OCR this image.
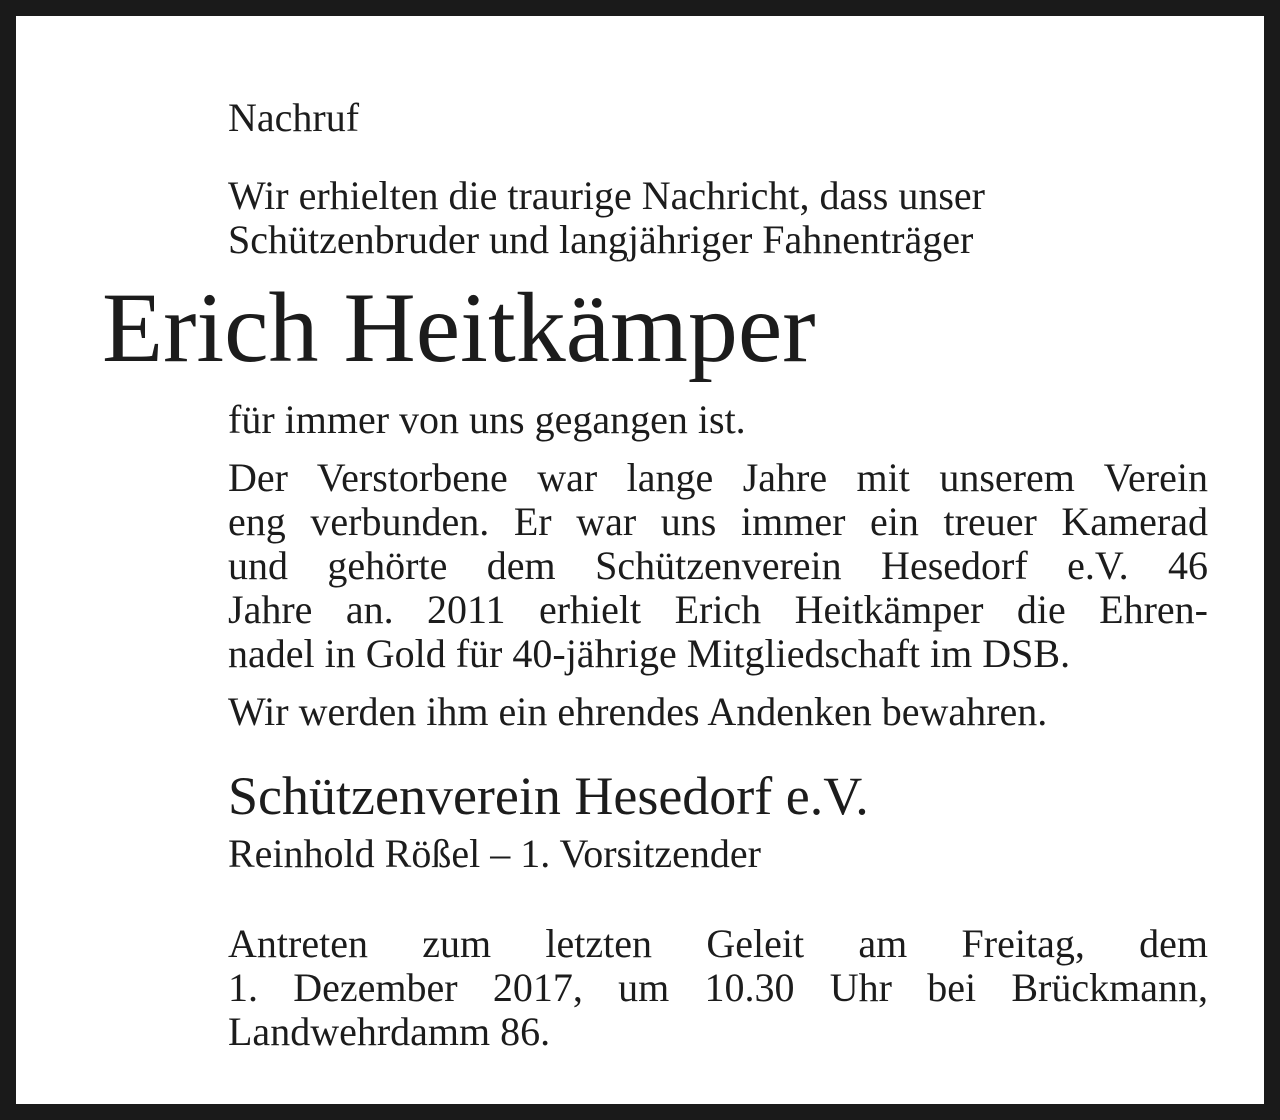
Nachruf

Wir erhielten die traurige Nachricht, dass unser
Schützenbruder und langjähriger Fahnenträger

Erich Heitkämper

für immer von uns gegangen ist.

Der Verstorbene war lange Jahre mit unserem Verein
eng verbunden. Er war uns immer ein treuer Kamerad
und gehörte dem Schützenverein Hesedorf e.V. 46
Jahre an. 2011 erhielt Erich Heitkämper die Ehren-
nadel in Gold für 40-jährige Mitgliedschaft im DSB.

Wir werden ihm ein ehrendes Andenken bewahren.

Schützenverein Hesedorf e.V.

Reinhold Rößel – 1. Vorsitzender

Antreten zum letzten Geleit am Freitag, dem
1. Dezember 2017, um 10.30 Uhr bei Brückmann,
Landwehrdamm 86.
